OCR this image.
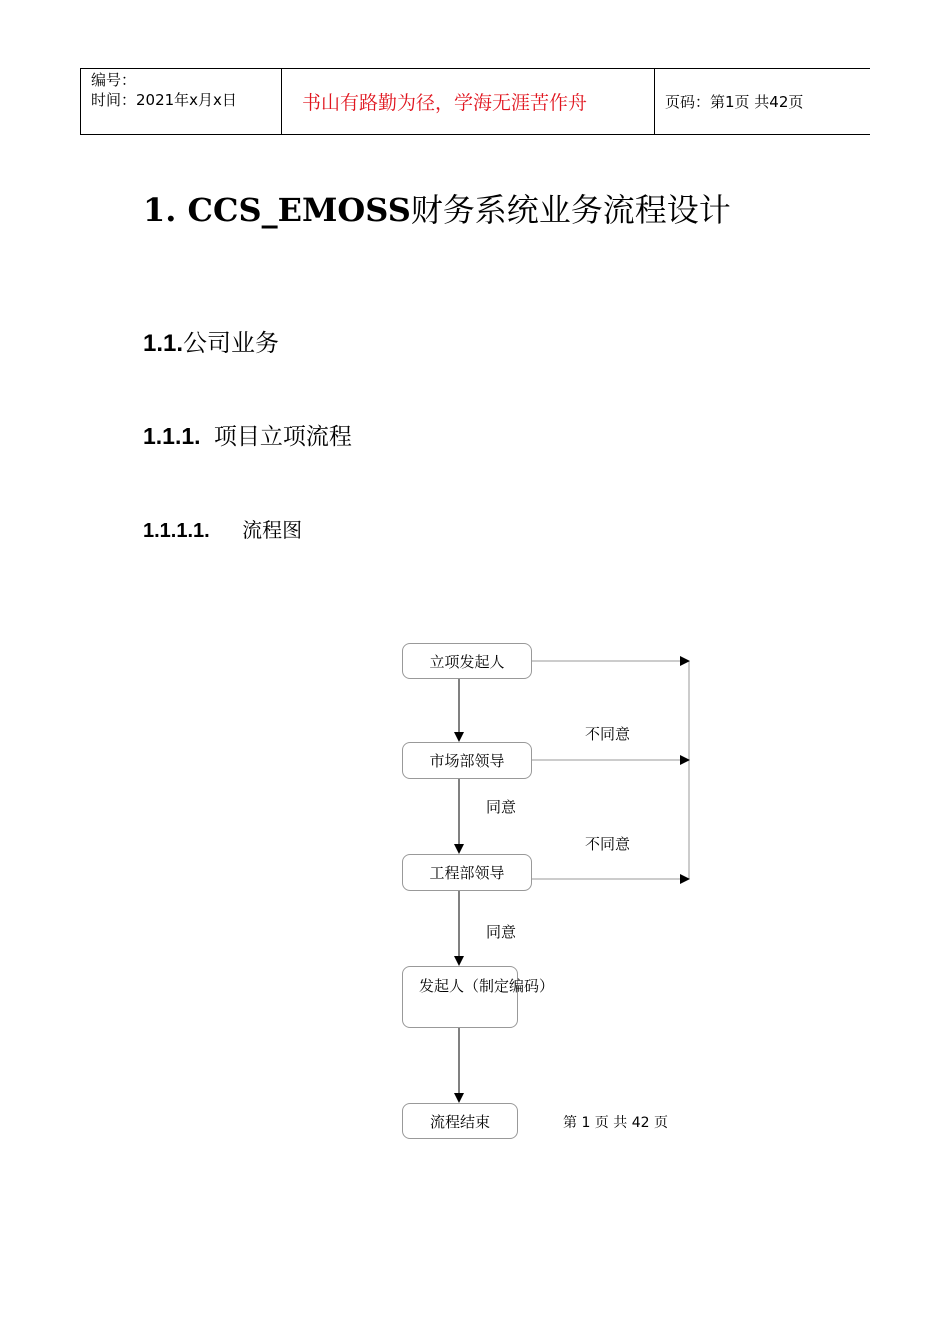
编号：
时间：2021年x月x日	书山有路勤为径，学海无涯苦作舟	页码：第1页 共42页
1. CCS_EMOSS财务系统业务流程设计
1.1.公司业务
1.1.1. 项目立项流程
1.1.1.1. 流程图
立项发起人
市场部领导
工程部领导
发起人（制定编码）
流程结束
不同意
同意
不同意
同意
第 1 页 共 42 页
